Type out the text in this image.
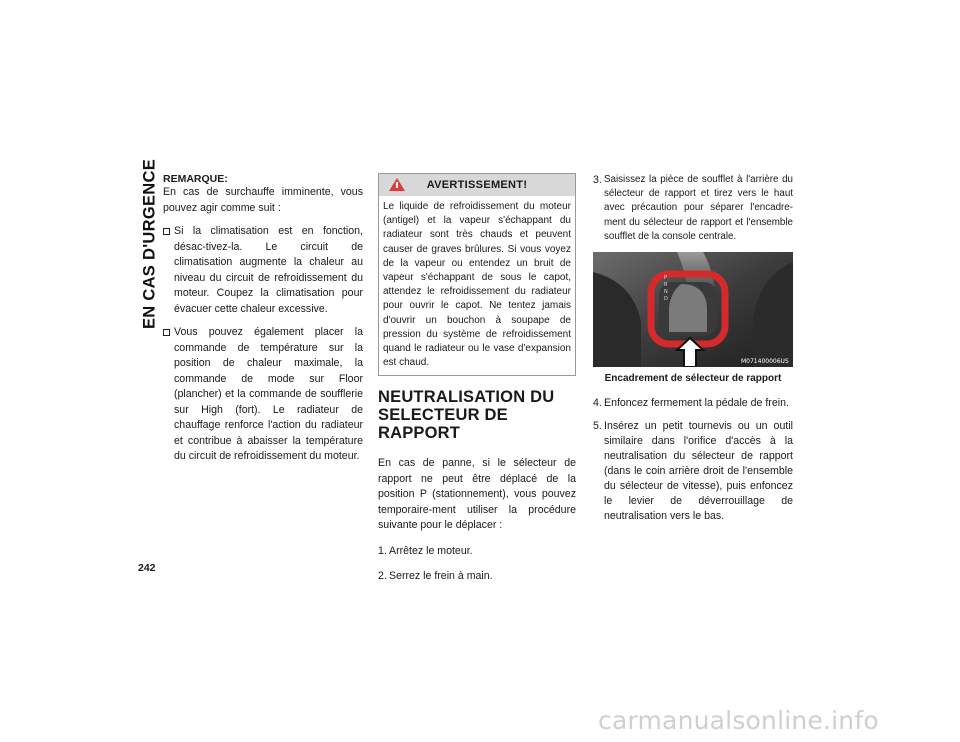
EN CAS D'URGENCE
242
REMARQUE:

En cas de surchauffe imminente, vous pouvez agir comme suit :

Si la climatisation est en fonction, désac-tivez-la. Le circuit de climatisation augmente la chaleur au niveau du circuit de refroidissement du moteur. Coupez la climatisation pour évacuer cette chaleur excessive.

Vous pouvez également placer la commande de température sur la position de chaleur maximale, la commande de mode sur Floor (plancher) et la commande de soufflerie sur High (fort). Le radiateur de chauffage renforce l'action du radiateur et contribue à abaisser la température du circuit de refroidissement du moteur.

AVERTISSEMENT!
Le liquide de refroidissement du moteur (antigel) et la vapeur s'échappant du radiateur sont très chauds et peuvent causer de graves brûlures. Si vous voyez de la vapeur ou entendez un bruit de vapeur s'échappant de sous le capot, attendez le refroidissement du radiateur pour ouvrir le capot. Ne tentez jamais d'ouvrir un bouchon à soupape de pression du système de refroidissement quand le radiateur ou le vase d'expansion est chaud.
NEUTRALISATION DU
SELECTEUR DE RAPPORT

En cas de panne, si le sélecteur de rapport ne peut être déplacé de la position P (stationnement), vous pouvez temporaire-ment utiliser la procédure suivante pour le déplacer :

1. Arrêtez le moteur.
2. Serrez le frein à main.
3. Saisissez la pièce de soufflet à l'arrière du sélecteur de rapport et tirez vers le haut avec précaution pour séparer l'encadre-ment du sélecteur de rapport et l'ensemble soufflet de la console centrale.
P
R
N
D
M071400006US
Encadrement de sélecteur de rapport
4. Enfoncez fermement la pédale de frein.
5. Insérez un petit tournevis ou un outil similaire dans l'orifice d'accès à la neutralisation du sélecteur de rapport (dans le coin arrière droit de l'ensemble du sélecteur de vitesse), puis enfoncez le levier de déverrouillage de neutralisation vers le bas.
carmanualsonline.info
